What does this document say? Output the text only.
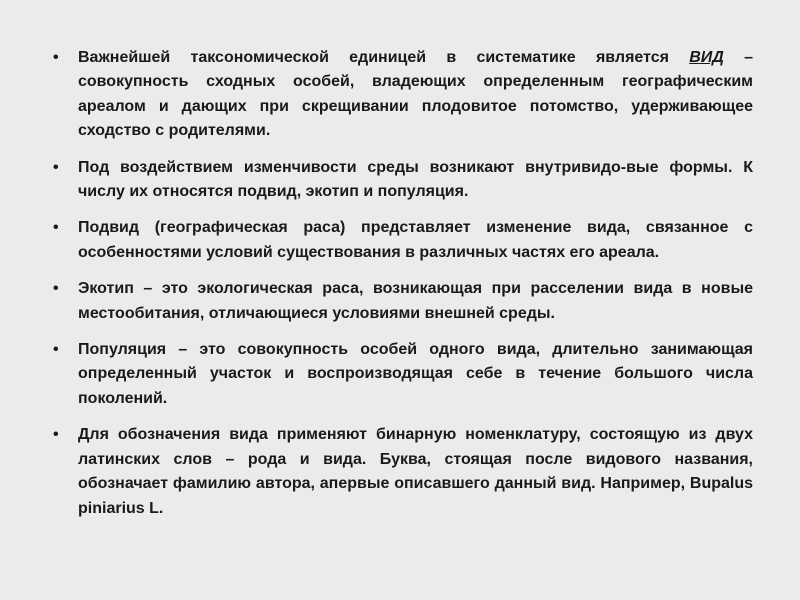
• Важнейшей таксономической единицей в систематике является ВИД – совокупность сходных особей, владеющих определенным географическим ареалом и дающих при скрещивании плодовитое потомство, удерживающее сходство с родителями.
• Под воздействием изменчивости среды возникают внутривидо-вые формы. К числу их относятся подвид, экотип и популяция.
• Подвид (географическая раса) представляет изменение вида, связанное с особенностями условий существования в различных частях его ареала.
• Экотип – это экологическая раса, возникающая при расселении вида в новые местообитания, отличающиеся условиями внешней среды.
• Популяция – это совокупность особей одного вида, длительно занимающая определенный участок и воспроизводящая себе в течение большого числа поколений.
• Для обозначения вида применяют бинарную номенклатуру, состоящую из двух латинских слов – рода и вида. Буква, стоящая после видового названия, обозначает фамилию автора, апервые описавшего данный вид. Например, Bupalus piniarius L.
